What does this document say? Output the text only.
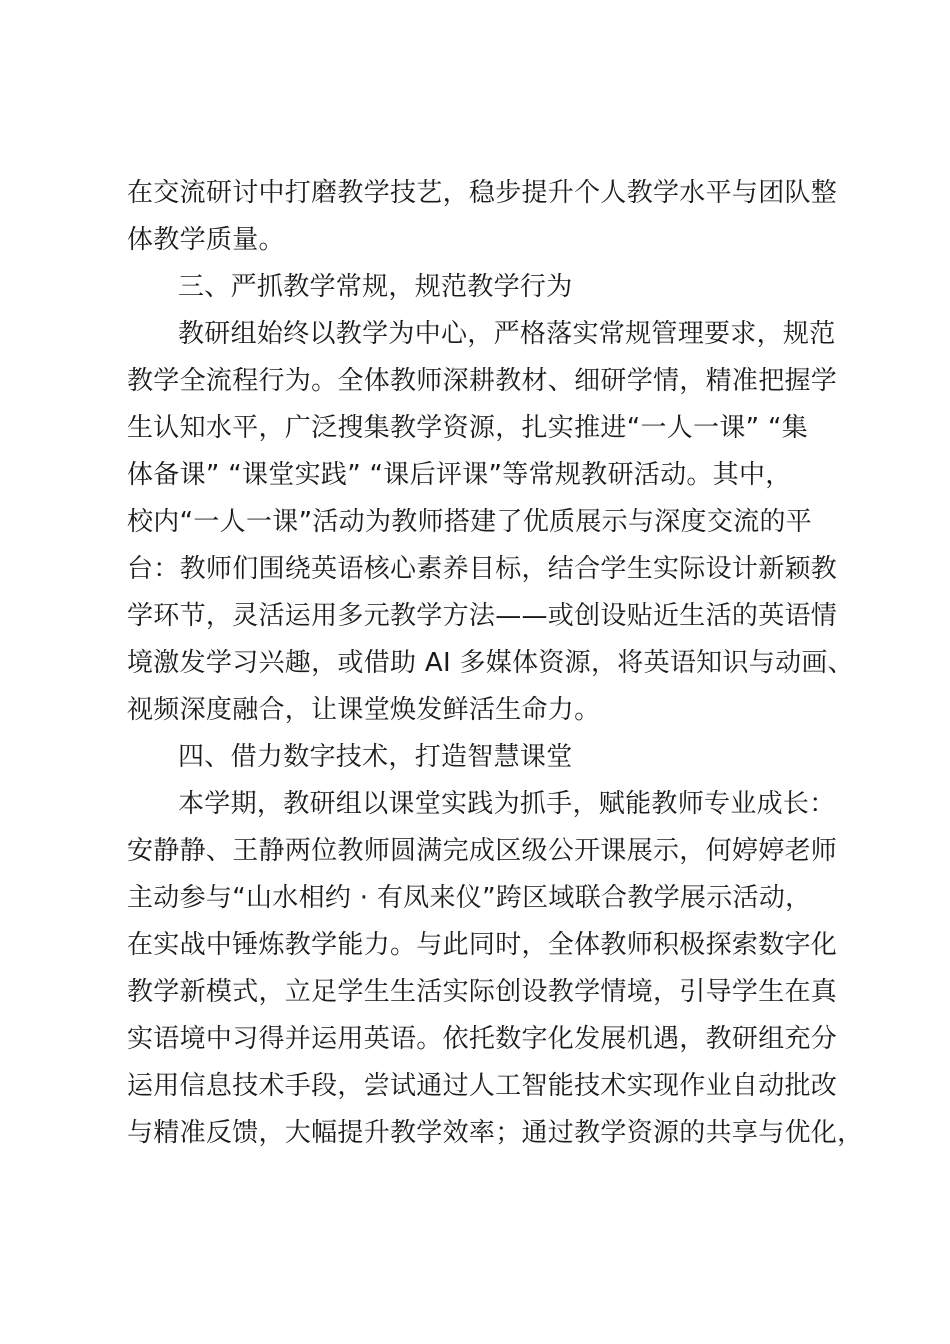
在交流研讨中打磨教学技艺，稳步提升个人教学水平与团队整
体教学质量。
三、严抓教学常规，规范教学行为
教研组始终以教学为中心，严格落实常规管理要求，规范
教学全流程行为。全体教师深耕教材、细研学情，精准把握学
生认知水平，广泛搜集教学资源，扎实推进“一人一课” “集
体备课” “课堂实践” “课后评课”等常规教研活动。其中，
校内“一人一课”活动为教师搭建了优质展示与深度交流的平
台：教师们围绕英语核心素养目标，结合学生实际设计新颖教
学环节，灵活运用多元教学方法——或创设贴近生活的英语情
境激发学习兴趣，或借助 AI 多媒体资源，将英语知识与动画、
视频深度融合，让课堂焕发鲜活生命力。
四、借力数字技术，打造智慧课堂
本学期，教研组以课堂实践为抓手，赋能教师专业成长：
安静静、王静两位教师圆满完成区级公开课展示，何婷婷老师
主动参与“山水相约 · 有凤来仪”跨区域联合教学展示活动，
在实战中锤炼教学能力。与此同时，全体教师积极探索数字化
教学新模式，立足学生生活实际创设教学情境，引导学生在真
实语境中习得并运用英语。依托数字化发展机遇，教研组充分
运用信息技术手段，尝试通过人工智能技术实现作业自动批改
与精准反馈，大幅提升教学效率；通过教学资源的共享与优化，
